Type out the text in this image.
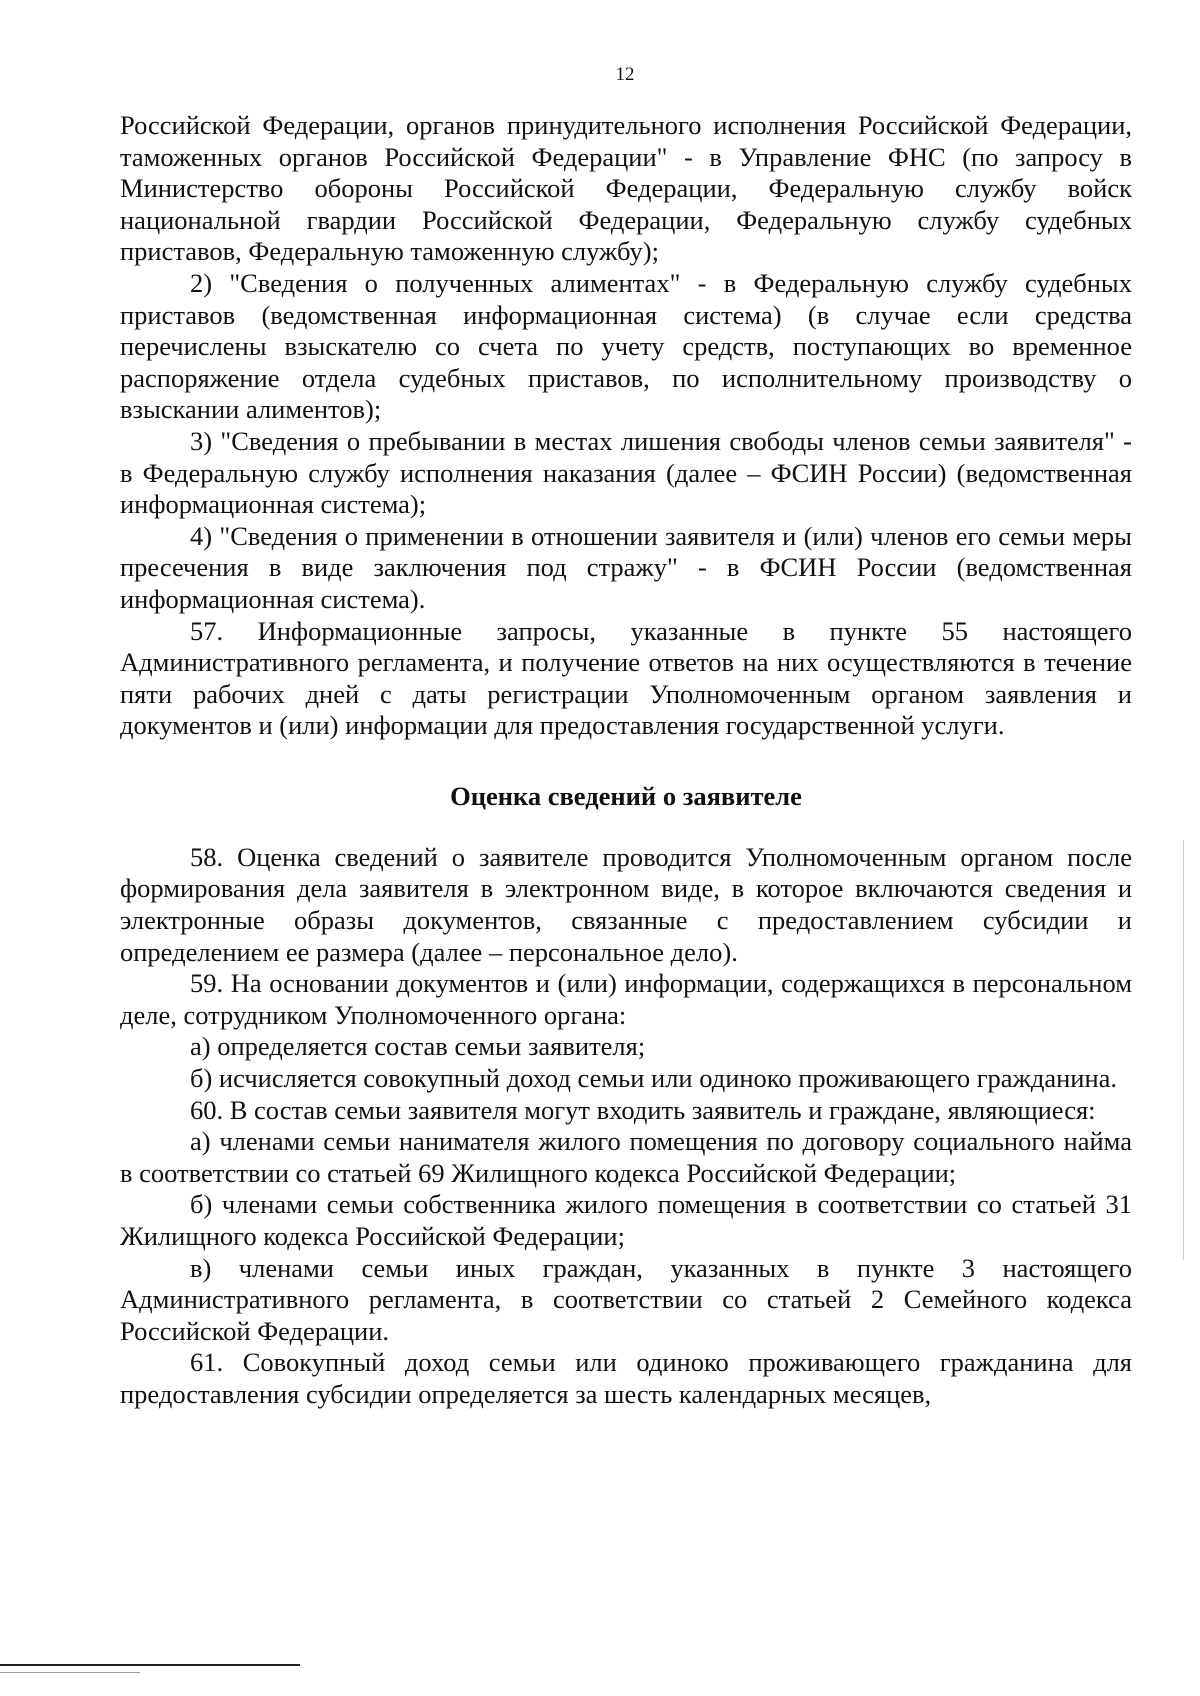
12

Российской Федерации, органов принудительного исполнения Российской Федерации, таможенных органов Российской Федерации" - в Управление ФНС (по запросу в Министерство обороны Российской Федерации, Федеральную службу войск национальной гвардии Российской Федерации, Федеральную службу судебных приставов, Федеральную таможенную службу);

2) "Сведения о полученных алиментах" - в Федеральную службу судебных приставов (ведомственная информационная система) (в случае если средства перечислены взыскателю со счета по учету средств, поступающих во временное распоряжение отдела судебных приставов, по исполнительному производству о взыскании алиментов);

3) "Сведения о пребывании в местах лишения свободы членов семьи заявителя" - в Федеральную службу исполнения наказания (далее – ФСИН России) (ведомственная информационная система);

4) "Сведения о применении в отношении заявителя и (или) членов его семьи меры пресечения в виде заключения под стражу" - в ФСИН России (ведомственная информационная система).

57. Информационные запросы, указанные в пункте 55 настоящего Административного регламента, и получение ответов на них осуществляются в течение пяти рабочих дней с даты регистрации Уполномоченным органом заявления и документов и (или) информации для предоставления государственной услуги.

Оценка сведений о заявителе

58. Оценка сведений о заявителе проводится Уполномоченным органом после формирования дела заявителя в электронном виде, в которое включаются сведения и электронные образы документов, связанные с предоставлением субсидии и определением ее размера (далее – персональное дело).

59. На основании документов и (или) информации, содержащихся в персональном деле, сотрудником Уполномоченного органа:

а) определяется состав семьи заявителя;

б) исчисляется совокупный доход семьи или одиноко проживающего гражданина.

60. В состав семьи заявителя могут входить заявитель и граждане, являющиеся:

а) членами семьи нанимателя жилого помещения по договору социального найма в соответствии со статьей 69 Жилищного кодекса Российской Федерации;

б) членами семьи собственника жилого помещения в соответствии со статьей 31 Жилищного кодекса Российской Федерации;

в) членами семьи иных граждан, указанных в пункте 3 настоящего Административного регламента, в соответствии со статьей 2 Семейного кодекса Российской Федерации.

61. Совокупный доход семьи или одиноко проживающего гражданина для предоставления субсидии определяется за шесть календарных месяцев,
